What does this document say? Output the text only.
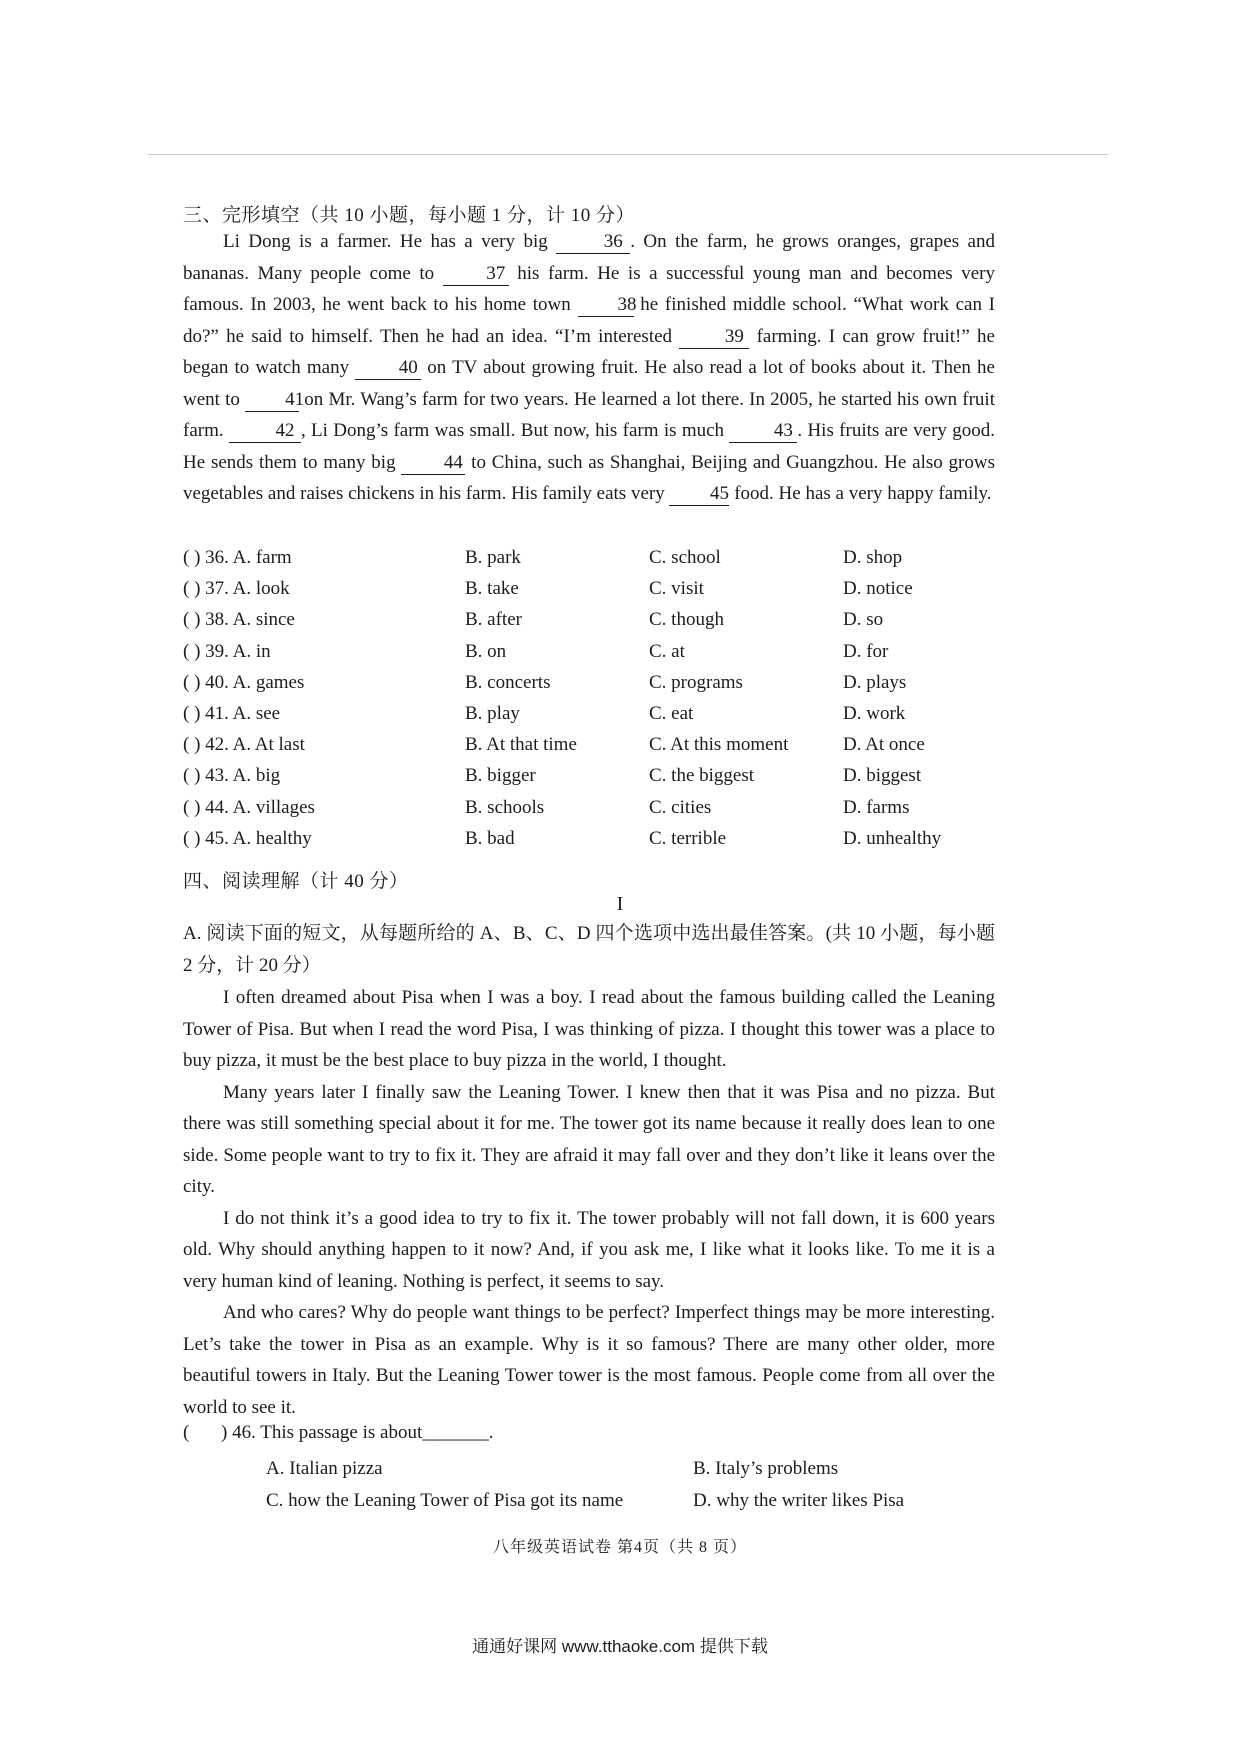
三、完形填空（共 10 小题，每小题 1 分，计 10 分）

Li Dong is a farmer. He has a very big	36 . On the farm, he grows oranges, grapes and bananas. Many people come to 37 his farm. He is a successful young man and becomes very famous. In 2003, he went back to his home town 38 he finished middle school. “What work can I do?” he said to himself. Then he had an idea. “I’m interested 39 farming. I can grow fruit!” he began to watch many 40 on TV about growing fruit. He also read a lot of books about it. Then he went to 41 on Mr. Wang’s farm for two years. He learned a lot there. In 2005, he started his own fruit farm. 42 , Li Dong’s farm was small. But now, his farm is much 43 . His fruits are very good. He sends them to many big 44 to China, such as Shanghai, Beijing and Guangzhou. He also grows vegetables and raises chickens in his farm. His family eats very 45 food. He has a very happy family.

( ) 36. A. farm	B. park	C. school	D. shop
( ) 37. A. look	B. take	C. visit	D. notice
( ) 38. A. since	B. after	C. though	D. so
( ) 39. A. in	B. on	C. at	D. for
( ) 40. A. games	B. concerts	C. programs	D. plays
( ) 41. A. see	B. play	C. eat	D. work
( ) 42. A. At last	B. At that time	C. At this moment	D. At once
( ) 43. A. big	B. bigger	C. the biggest	D. biggest
( ) 44. A. villages	B. schools	C. cities	D. farms
( ) 45. A. healthy	B. bad	C. terrible	D. unhealthy
四、阅读理解（计 40 分）
I
A. 阅读下面的短文，从每题所给的 A、B、C、D 四个选项中选出最佳答案。(共 10 小题，每小题 2 分，计 20 分）

I often dreamed about Pisa when I was a boy. I read about the famous building called the Leaning Tower of Pisa. But when I read the word Pisa, I was thinking of pizza. I thought this tower was a place to buy pizza, it must be the best place to buy pizza in the world, I thought.

Many years later I finally saw the Leaning Tower. I knew then that it was Pisa and no pizza. But there was still something special about it for me. The tower got its name because it really does lean to one side. Some people want to try to fix it. They are afraid it may fall over and they don’t like it leans over the city.

I do not think it’s a good idea to try to fix it. The tower probably will not fall down, it is 600 years old. Why should anything happen to it now? And, if you ask me, I like what it looks like. To me it is a very human kind of leaning. Nothing is perfect, it seems to say.

And who cares? Why do people want things to be perfect? Imperfect things may be more interesting. Let’s take the tower in Pisa as an example. Why is it so famous? There are many other older, more beautiful towers in Italy. But the Leaning Tower tower is the most famous. People come from all over the world to see it.

( ) 46. This passage is about_______.
A. Italian pizza	B. Italy’s problems
C. how the Leaning Tower of Pisa got its name	D. why the writer likes Pisa
八年级英语试卷 第4页（共 8 页）
通通好课网 www.tthaoke.com 提供下载
